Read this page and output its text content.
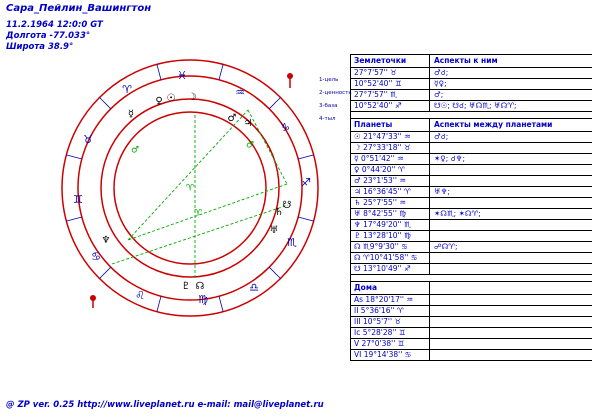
Сара_Пейлин_Вашингтон
11.2.1964 12:0:0 GT
Долгота -77.033°
Широта 38.9°
♈
♉
♊
♋
♌	♍
♎
♏
♐
♑
♒
♓
☉ ☽
☿
♀
♂ ♃
♄
♅
♆
♇ ☊
☋
♂	♂
♈
♈
1-цель
2-ценность
3-база
4-тыл
Землеточки	Аспекты к ним
27°7'57'' ♉	♂☌;
10°52'40'' ♊	☿♀;
27°7'57'' ♏	♂;
10°52'40'' ♐	☋☉; ☋☌; ♅☊♏; ♅☊♈;
Планеты	Аспекты между планетами
☉ 21°47'33'' ♒	♂☌;
☽ 27°33'18'' ♉
☿ 0°51'42'' ♒	✶♀; ☌♆;
♀ 0°44'20'' ♈
♂ 23°1'53'' ♒
♃ 16°36'45'' ♈	♅♆;
♄ 25°7'55'' ♒
♅ 8°42'55'' ♍	✶☊♏; ✶☊♈;
♆ 17°49'20'' ♏
♇ 13°28'10'' ♍
☊ ♏9°9'30'' ♋	☍☊♈;
☊ ♈10°41'58'' ♋
☋ 13°10'49'' ♐
Дома
As 18°20'17'' ♒
II 5°36'16'' ♈
III 10°5'7'' ♉
Ic 5°28'28'' ♊
V 27°0'38'' ♊
VI 19°14'38'' ♋
@ ZP ver. 0.25 http://www.liveplanet.ru e-mail: mail@liveplanet.ru
